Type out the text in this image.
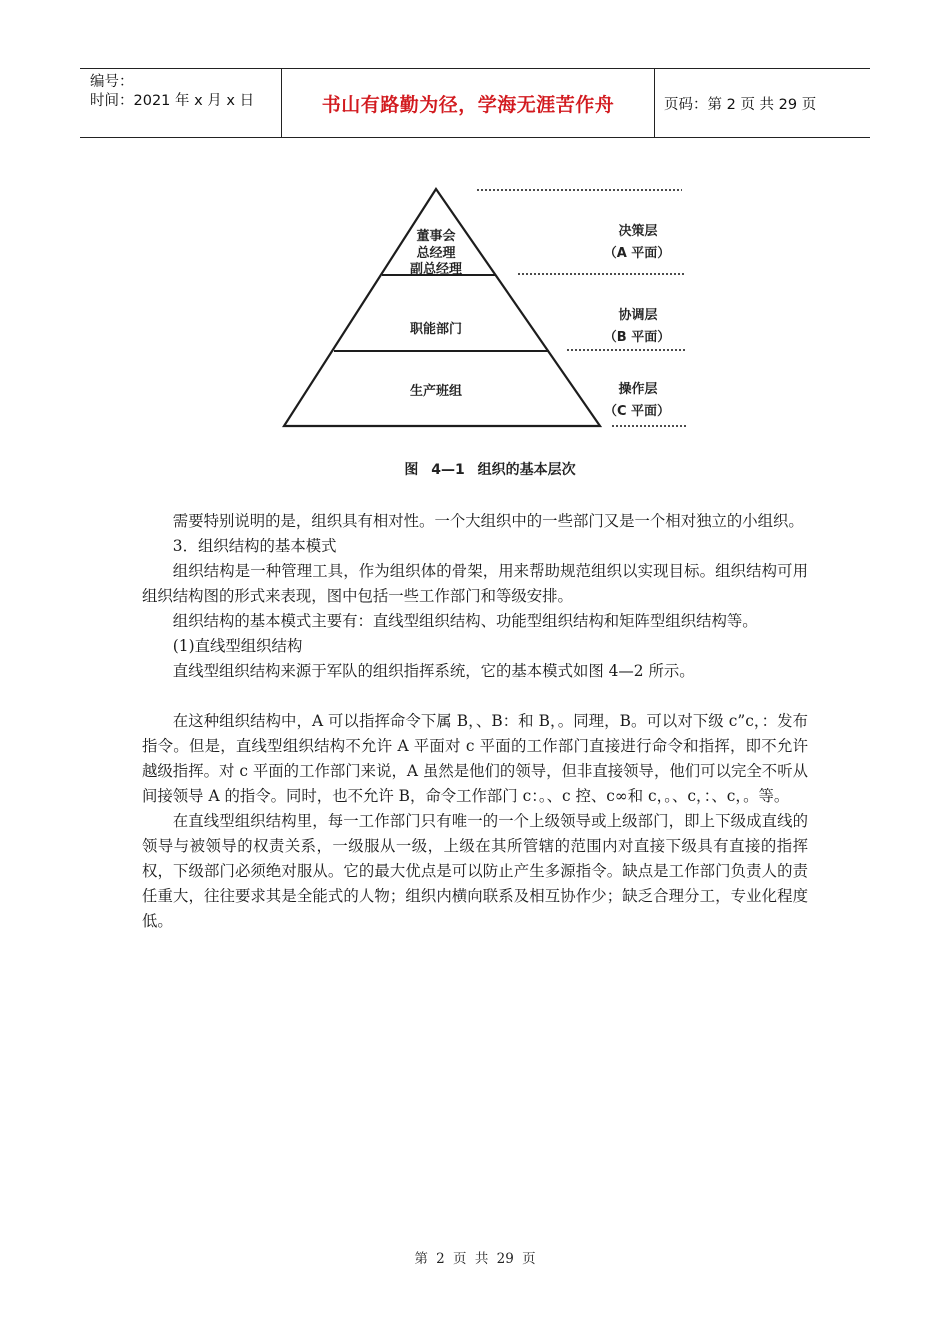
编号：
时间：2021 年 x 月 x 日	书山有路勤为径，学海无涯苦作舟	页码：第 2 页 共 29 页
董事会
总经理
副总经理
职能部门
生产班组
决策层
（A 平面）
协调层
（B 平面）
操作层
（C 平面）
图 4—1 组织的基本层次

需要特别说明的是，组织具有相对性。一个大组织中的一些部门又是一个相对独立的小组织。

3．组织结构的基本模式

组织结构是一种管理工具，作为组织体的骨架，用来帮助规范组织以实现目标。组织结构可用组织结构图的形式来表现，图中包括一些工作部门和等级安排。

组织结构的基本模式主要有：直线型组织结构、功能型组织结构和矩阵型组织结构等。

(1)直线型组织结构

直线型组织结构来源于军队的组织指挥系统，它的基本模式如图 4—2 所示。

在这种组织结构中，A 可以指挥命令下属 B，、B：和 B，。同理，B。可以对下级 c”c，：发布指令。但是，直线型组织结构不允许 A 平面对 c 平面的工作部门直接进行命令和指挥，即不允许越级指挥。对 c 平面的工作部门来说，A 虽然是他们的领导，但非直接领导，他们可以完全不听从间接领导 A 的指令。同时，也不允许 B，命令工作部门 c：。、c 控、c∞和 c，。、c，：、c，。等。

在直线型组织结构里，每一工作部门只有唯一的一个上级领导或上级部门，即上下级成直线的领导与被领导的权责关系，一级服从一级，上级在其所管辖的范围内对直接下级具有直接的指挥权，下级部门必须绝对服从。它的最大优点是可以防止产生多源指令。缺点是工作部门负责人的责任重大，往往要求其是全能式的人物；组织内横向联系及相互协作少；缺乏合理分工，专业化程度低。

第 2 页 共 29 页
